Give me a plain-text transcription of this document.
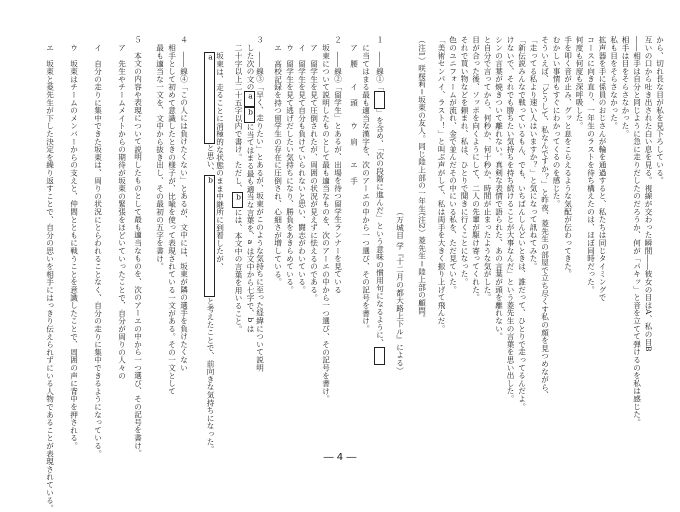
から、切れ長な目が私を見下ろしている。
互いの口から吐き出された白い息を見る。視線が交わった瞬間――彼女の目はA、私の目B
――相手は自分と同じように急に走りだしたのだろうか、何が「パキッ」と音を立てて弾けるのを私は感じた。
相手は目をそらさなかった。
私も目をそらさなかった。
拡声器を手に係員のおじさんが輪を通過すると、私たちは同じタイミングで
コースに向き直り、一年生のラストを待ち構えたのは、ほぼ同時だった。
何度も何度も深呼吸した。
手を叩く音が止み、グッと息をこらえるような気配が伝わってきた。
むかしい事情もすぐにわかってくるのを感じた。
そういえば、「どうして、私なんですか？」と昨夜、菱先生の部屋で立ち尽くす私の顔を見つめながら、
「走ってる私より速い人はいますか？」と気になって訊ねてみた。
「新伝説みんなで戦っているもん、でも、いちばんしんどいときは、誰だって、ひとりで走ってるんだよ。
けないで、それでも勝ちたい気持ちを持ち続けることが大事なんだ」という菱先生の言葉を思い出した。
シンの言葉が焼きついて離れない。真剣な表情で語られた、あの言葉が頭を離れない。
と自分で言ってから、何秒か、何十秒か、時間が止まったような気がした。
目が合った後、ソッポを向くようにして、二人の先輩が駆け寄ってくれた。
それで買い物などを頼まれ、私は、ひとりで聞きに行くことになった。
色のユニフォームが流れ、金で並んだその中にいる私を、ただ見ていた。
「美術センパイ、ラスト！」と叫ぶ声がして、私は両手を大きく振り上げて飛んだ。
（万城目 学『十二月の都大路上下ル』による）
（注1）咲桜莉＝坂東の友人。同じ陸上部の一年生。
（注2）菱先生＝陸上部の顧問。
１　――線①「」を含め、「次の段階に進んだ」という意味の慣用句になるように、
に当てはまる最も適当な漢字を、次のアーエの中から一つ選び、その記号を書け。
ア　腰　　イ　頭　　ウ　肩　　エ　手
２　――線②「留学生」とあるが、出場を待つ留学生ランナーを見ている
坂東について説明したものとして最も適当なものを、次のアーエの中から一つ選び、その記号を書け。
ア　留学生を見て圧倒されたが、周囲の状況が見えずに怯えるのである。
イ　留学生を見て自分も負けていられないと思い、闘志がわいている。
ウ　留学生を見て逃げだしたい気持ちになり、勝負をあきらめている。
エ　高校記録を持つ留学生の存在に圧倒され、心細さが増している。
３　――線③「早く、走りたい」とあるが、坂東がこのような気持ちに至った経緯について説明
した次の文のabに当てはまる最も適当な言葉を、a は文中から七字で、b は
二十字以上二十五字以内で書け。ただし、bには、本文中の言葉を用いること。
坂東は、走ることに消極的な状態のまま中継所に到着したが、
aと思い、bと考えたことで、前向きな気持ちになった。
４　――線④「この人には負けたくない」とあるが、文中には、坂東が隣の選手を負けたくない
相手として初めて意識したときの様子が、比喩を使って表現されている一文がある。その一文として
最も適当な一文を、文中から抜き出し、その最初の五字を書け。
５　本文の内容や表現について説明したものとして最も適当なものを、次のアーエの中から一つ選び、その記号を書け。
ア　先生やチームメイトからの期待が坂東の緊張をほどいていったことで、自分が周りの人々の
イ　自分の走りに集中できた坂東は、周りの状況にとらわれることなく、自分の走りに集中できるようになっている。
ウ　坂東はチームのメンバーからの支えと、仲間とともに戦うことを意識したことで、周囲の声に背中を押される。
エ　坂東と菱先生が下した決定を繰り返すことで、自分の思いを相手にはっきり伝えられずにいる人物であることが表現されている。	― 4 ―
